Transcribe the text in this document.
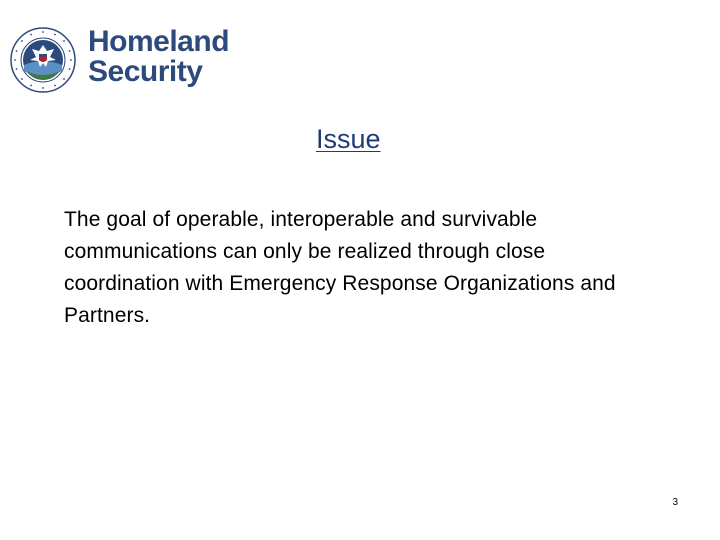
Homeland
Security
Issue

The goal of operable, interoperable and survivable communications can only be realized through close coordination with Emergency Response Organizations and Partners.

3
